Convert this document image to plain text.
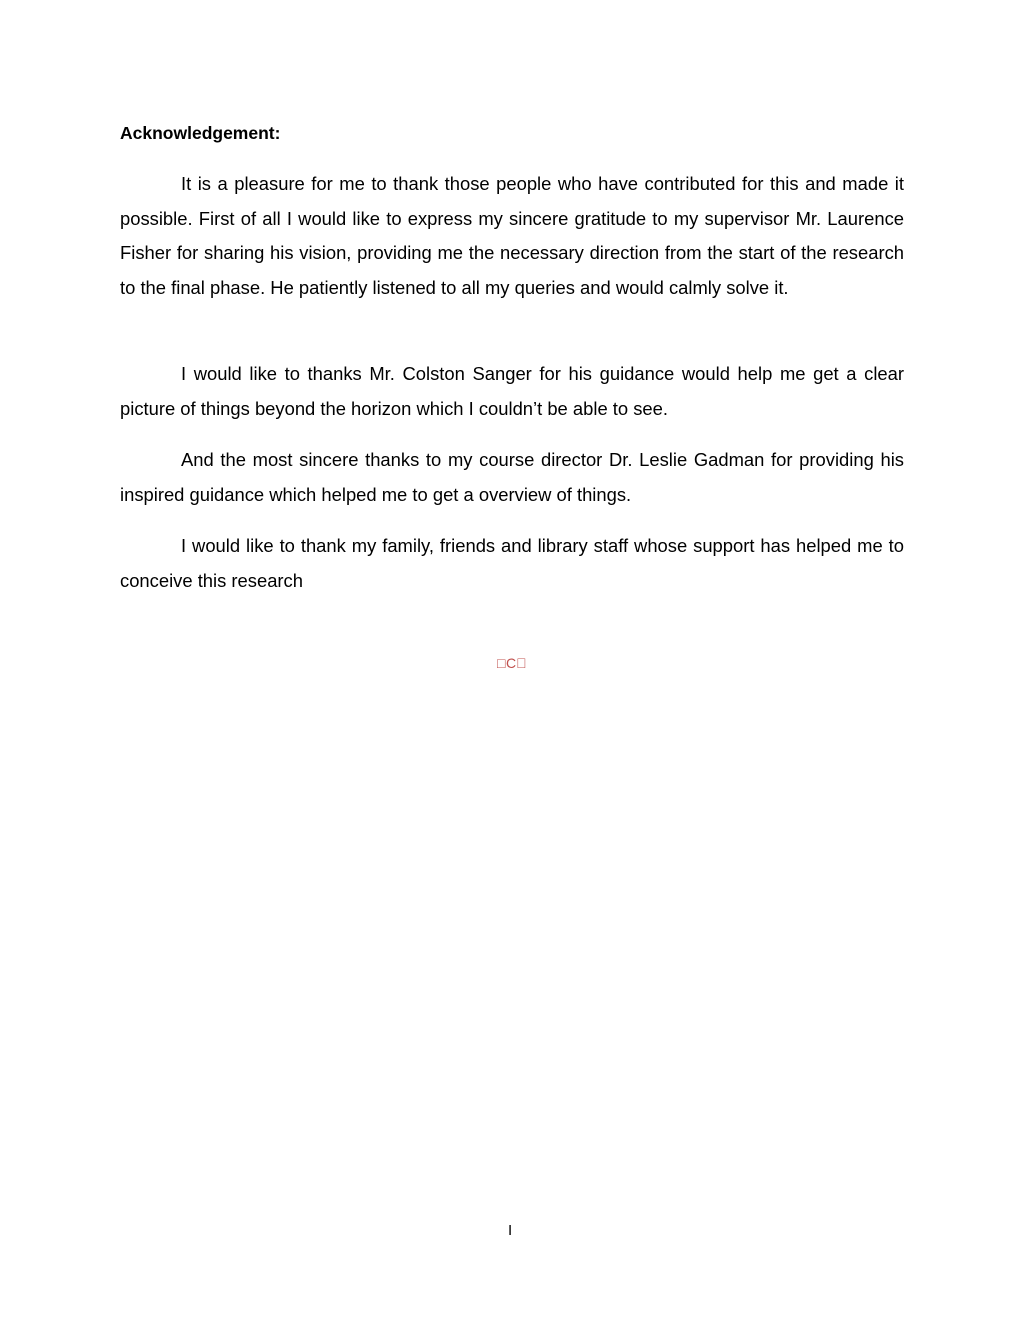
Acknowledgement:

It is a pleasure for me to thank those people who have contributed for this and made it possible. First of all I would like to express my sincere gratitude to my supervisor Mr. Laurence Fisher for sharing his vision, providing me the necessary direction from the start of the research to the final phase. He patiently listened to all my queries and would calmly solve it.

I would like to thanks Mr. Colston Sanger for his guidance would help me get a clear picture of things beyond the horizon which I couldn’t be able to see.

And the most sincere thanks to my course director Dr. Leslie Gadman for providing his inspired guidance which helped me to get a overview of things.

I would like to thank my family, friends and library staff whose support has helped me to conceive this research

□C⃞
I
